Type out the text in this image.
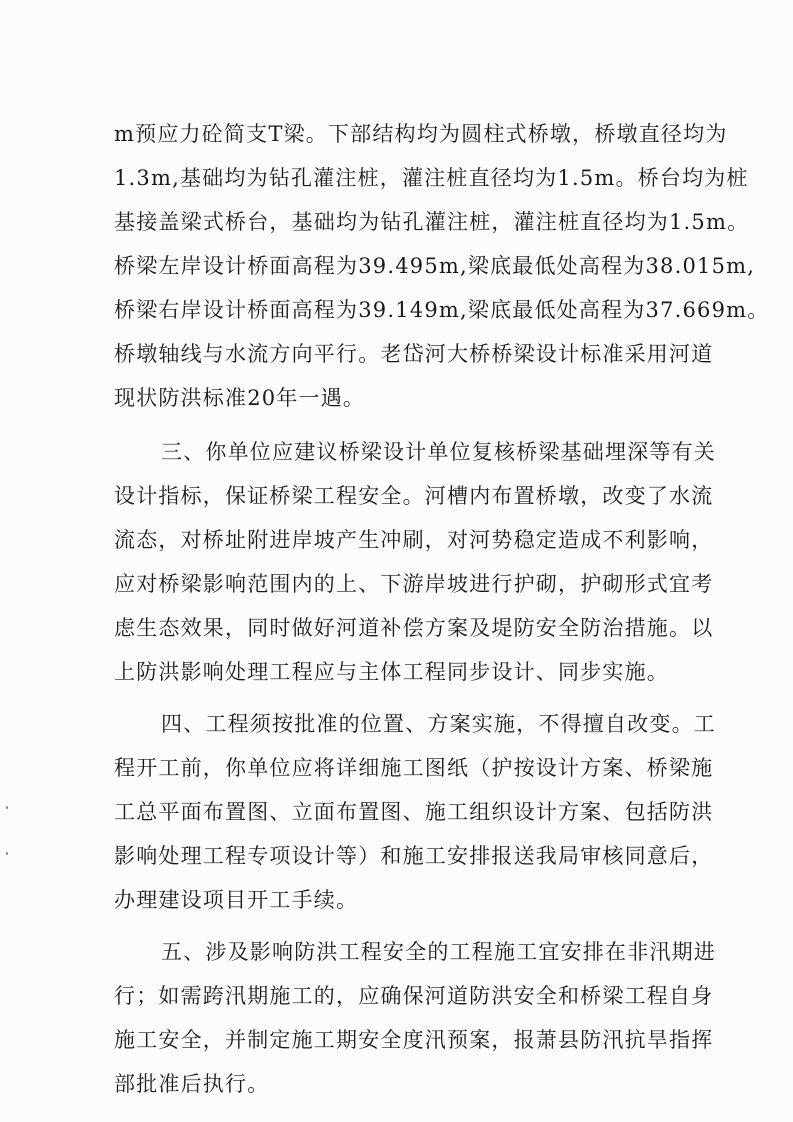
m预应力砼简支T梁。下部结构均为圆柱式桥墩，桥墩直径均为
1.3m,基础均为钻孔灌注桩，灌注桩直径均为1.5m。桥台均为桩
基接盖梁式桥台，基础均为钻孔灌注桩，灌注桩直径均为1.5m。
桥梁左岸设计桥面高程为39.495m,梁底最低处高程为38.015m,
桥梁右岸设计桥面高程为39.149m,梁底最低处高程为37.669m。
桥墩轴线与水流方向平行。老岱河大桥桥梁设计标准采用河道
现状防洪标准20年一遇。
三、你单位应建议桥梁设计单位复核桥梁基础埋深等有关
设计指标，保证桥梁工程安全。河槽内布置桥墩，改变了水流
流态，对桥址附进岸坡产生冲刷，对河势稳定造成不利影响，
应对桥梁影响范围内的上、下游岸坡进行护砌，护砌形式宜考
虑生态效果，同时做好河道补偿方案及堤防安全防治措施。以
上防洪影响处理工程应与主体工程同步设计、同步实施。
四、工程须按批准的位置、方案实施，不得擅自改变。工
程开工前，你单位应将详细施工图纸（护按设计方案、桥梁施
工总平面布置图、立面布置图、施工组织设计方案、包括防洪
影响处理工程专项设计等）和施工安排报送我局审核同意后，
办理建设项目开工手续。
五、涉及影响防洪工程安全的工程施工宜安排在非汛期进
行；如需跨汛期施工的，应确保河道防洪安全和桥梁工程自身
施工安全，并制定施工期安全度汛预案，报萧县防汛抗旱指挥
部批准后执行。
